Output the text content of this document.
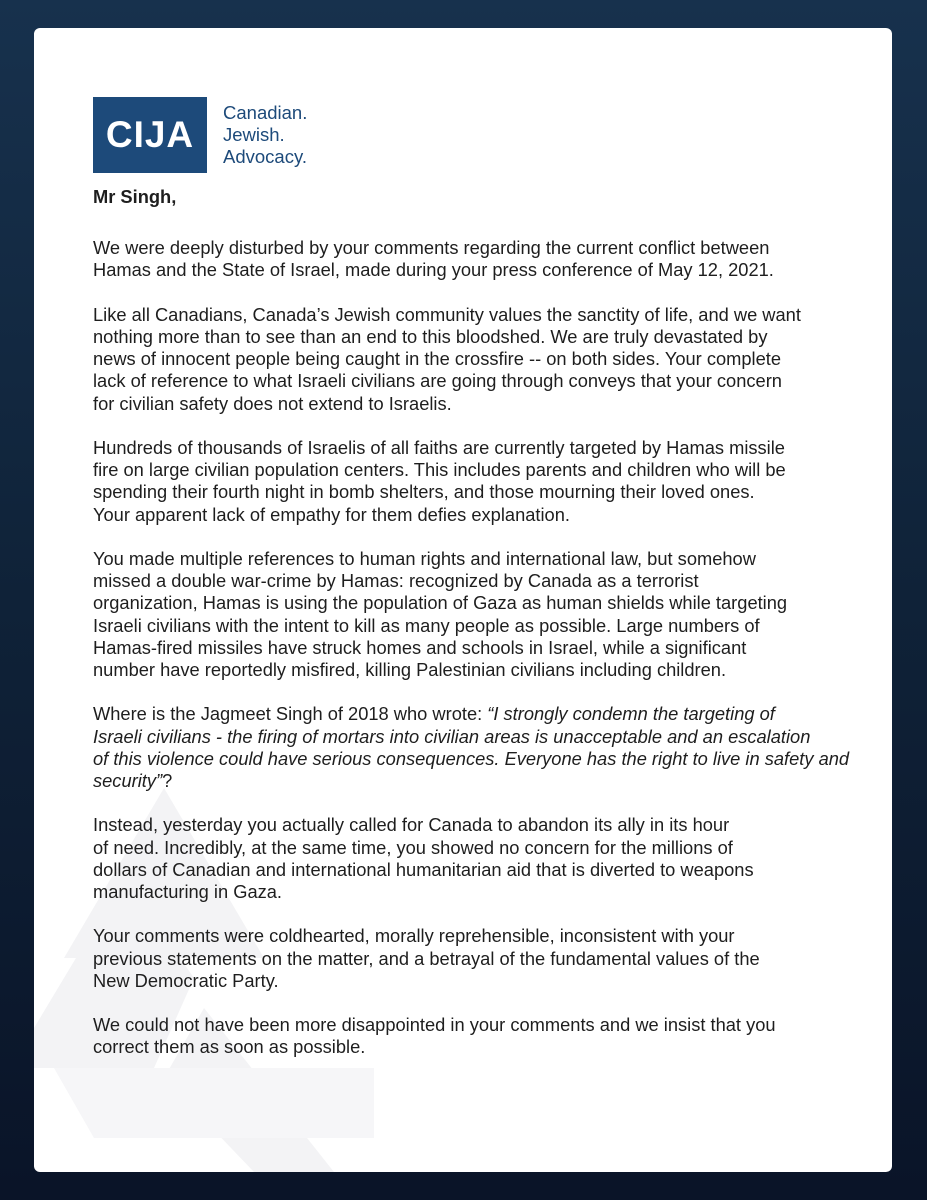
CIJA
Canadian.
Jewish.
Advocacy.
Mr Singh,
We were deeply disturbed by your comments regarding the current conflict between
Hamas and the State of Israel, made during your press conference of May 12, 2021.
Like all Canadians, Canada’s Jewish community values the sanctity of life, and we want
nothing more than to see than an end to this bloodshed. We are truly devastated by
news of innocent people being caught in the crossfire -- on both sides. Your complete
lack of reference to what Israeli civilians are going through conveys that your concern
for civilian safety does not extend to Israelis.
Hundreds of thousands of Israelis of all faiths are currently targeted by Hamas missile
fire on large civilian population centers. This includes parents and children who will be
spending their fourth night in bomb shelters, and those mourning their loved ones.
Your apparent lack of empathy for them defies explanation.
You made multiple references to human rights and international law, but somehow
missed a double war-crime by Hamas: recognized by Canada as a terrorist
organization, Hamas is using the population of Gaza as human shields while targeting
Israeli civilians with the intent to kill as many people as possible. Large numbers of
Hamas-fired missiles have struck homes and schools in Israel, while a significant
number have reportedly misfired, killing Palestinian civilians including children.
Where is the Jagmeet Singh of 2018 who wrote: “I strongly condemn the targeting of
Israeli civilians - the firing of mortars into civilian areas is unacceptable and an escalation
of this violence could have serious consequences. Everyone has the right to live in safety and
security”?
Instead, yesterday you actually called for Canada to abandon its ally in its hour
of need. Incredibly, at the same time, you showed no concern for the millions of
dollars of Canadian and international humanitarian aid that is diverted to weapons
manufacturing in Gaza.
Your comments were coldhearted, morally reprehensible, inconsistent with your
previous statements on the matter, and a betrayal of the fundamental values of the
New Democratic Party.
We could not have been more disappointed in your comments and we insist that you
correct them as soon as possible.
